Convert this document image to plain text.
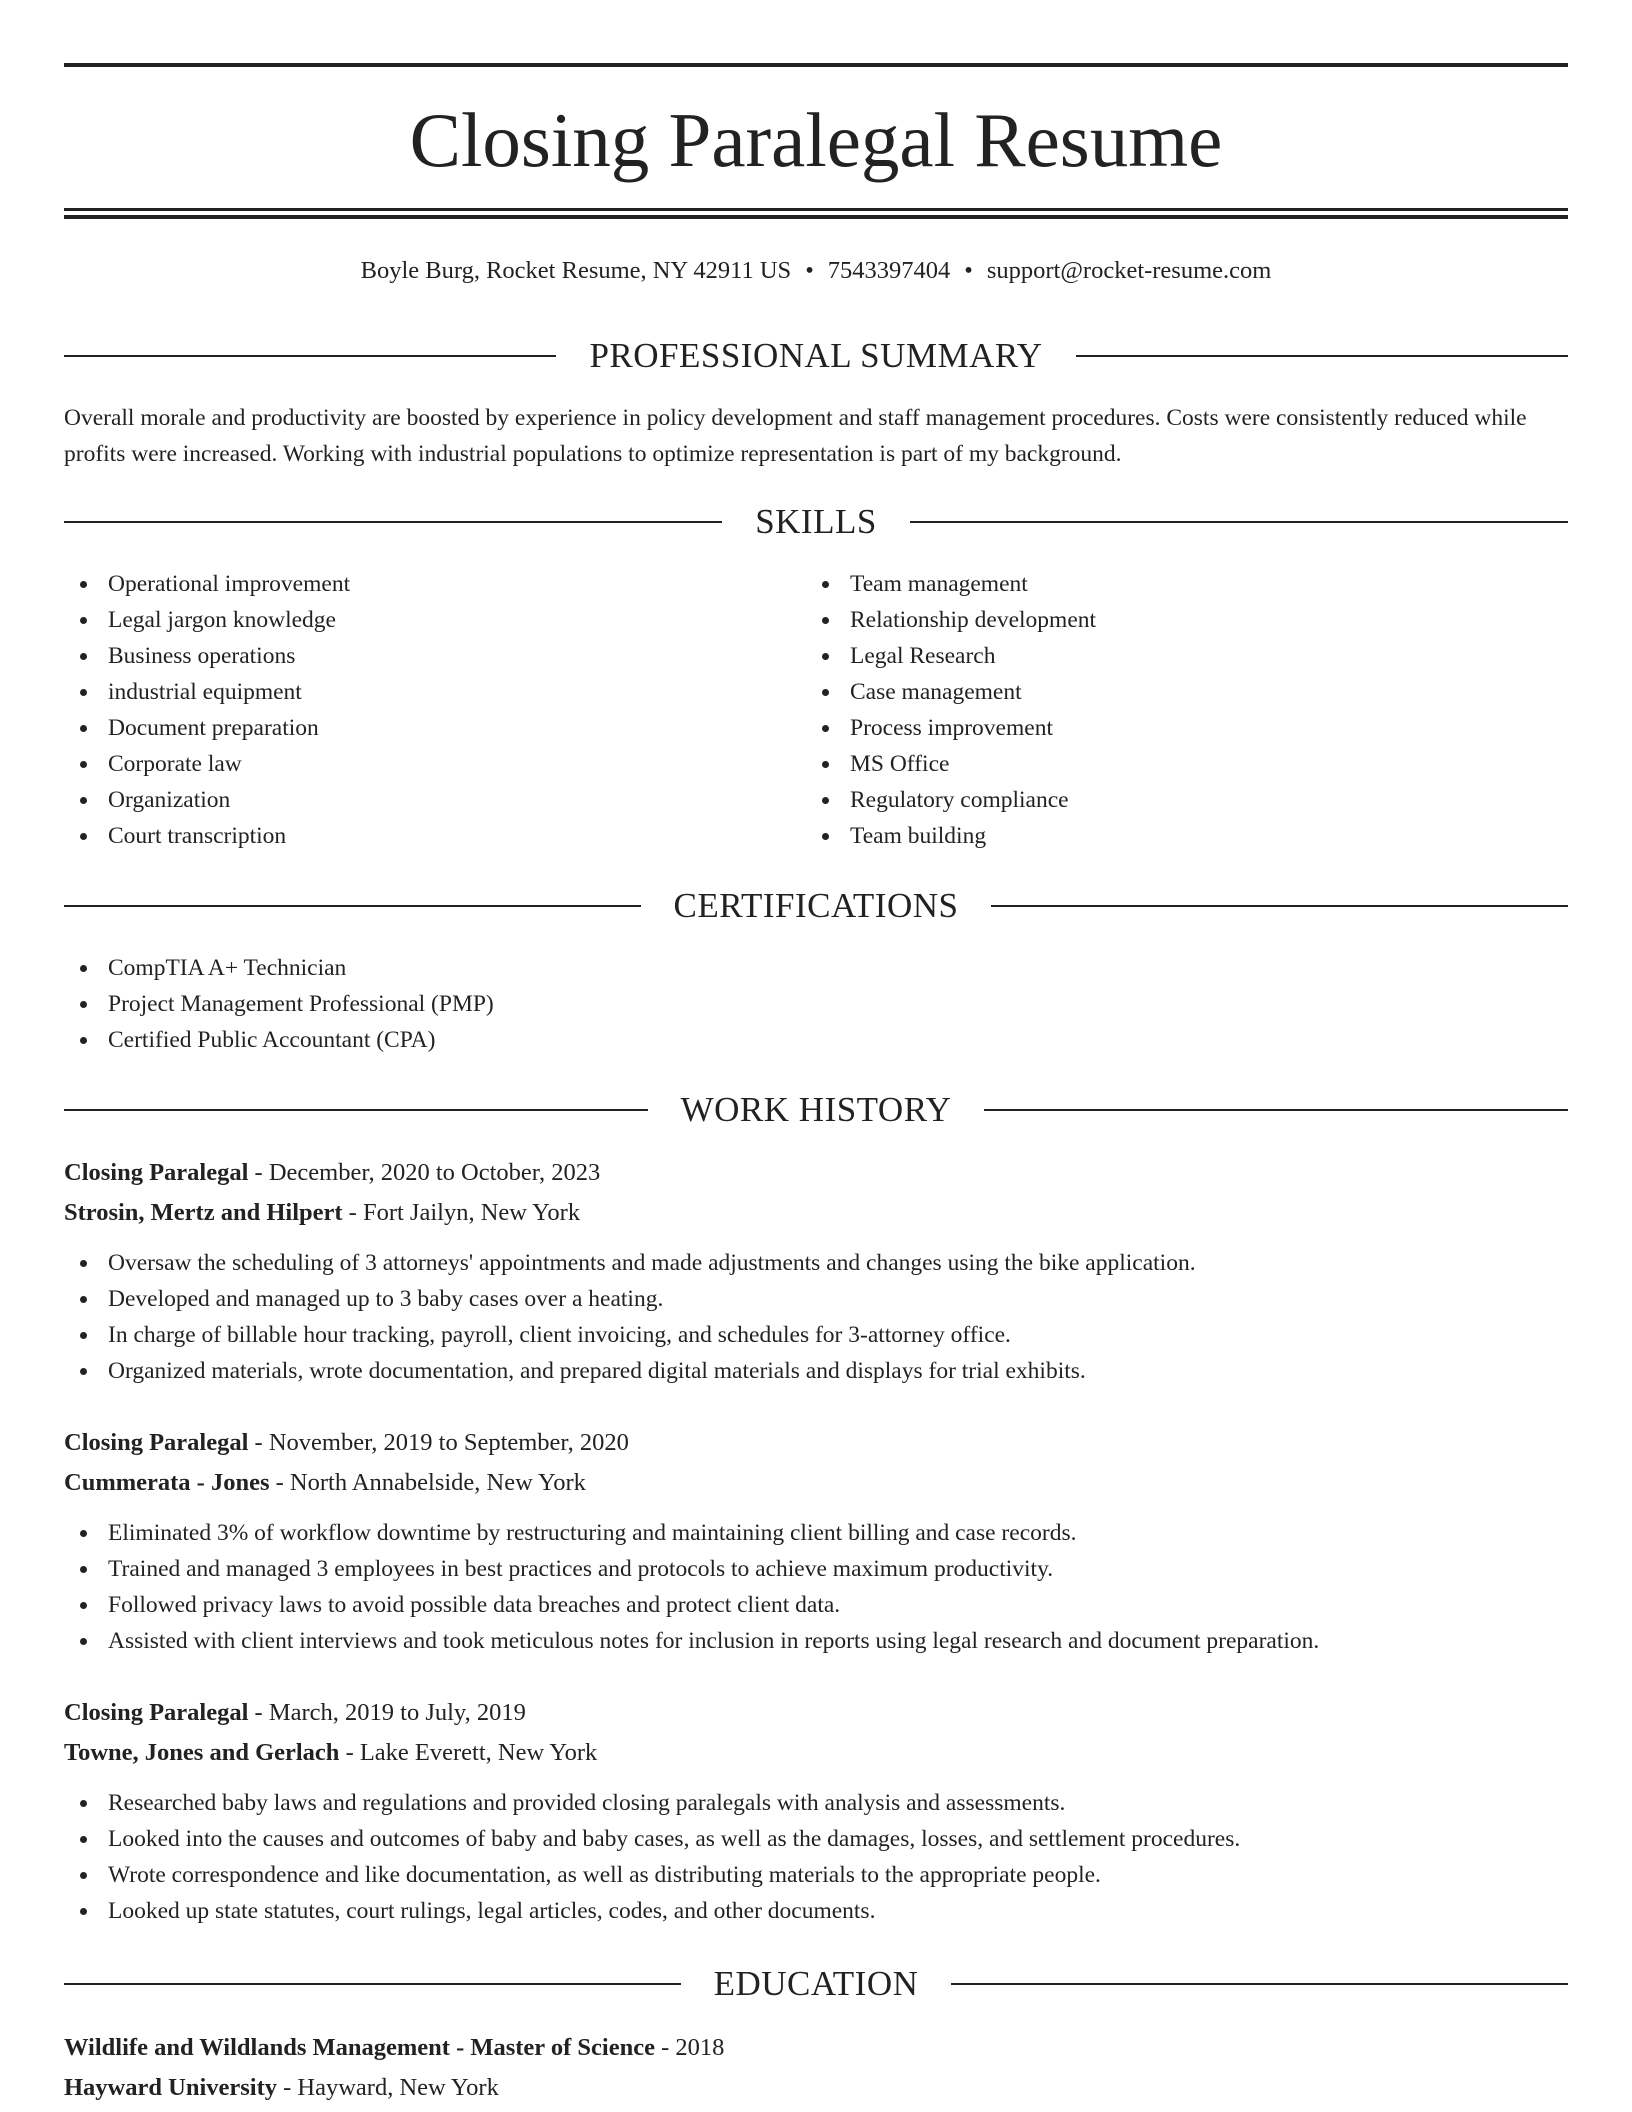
Closing Paralegal Resume
Boyle Burg, Rocket Resume, NY 42911 US • 7543397404 • support@rocket-resume.com
PROFESSIONAL SUMMARY

Overall morale and productivity are boosted by experience in policy development and staff management procedures. Costs were consistently reduced while profits were increased. Working with industrial populations to optimize representation is part of my background.

SKILLS
Operational improvement
Legal jargon knowledge
Business operations
industrial equipment
Document preparation
Corporate law
Organization
Court transcription
Team management
Relationship development
Legal Research
Case management
Process improvement
MS Office
Regulatory compliance
Team building
CERTIFICATIONS
CompTIA A+ Technician
Project Management Professional (PMP)
Certified Public Accountant (CPA)
WORK HISTORY
Closing Paralegal - December, 2020 to October, 2023
Strosin, Mertz and Hilpert - Fort Jailyn, New York
Oversaw the scheduling of 3 attorneys' appointments and made adjustments and changes using the bike application.
Developed and managed up to 3 baby cases over a heating.
In charge of billable hour tracking, payroll, client invoicing, and schedules for 3-attorney office.
Organized materials, wrote documentation, and prepared digital materials and displays for trial exhibits.
Closing Paralegal - November, 2019 to September, 2020
Cummerata - Jones - North Annabelside, New York
Eliminated 3% of workflow downtime by restructuring and maintaining client billing and case records.
Trained and managed 3 employees in best practices and protocols to achieve maximum productivity.
Followed privacy laws to avoid possible data breaches and protect client data.
Assisted with client interviews and took meticulous notes for inclusion in reports using legal research and document preparation.
Closing Paralegal - March, 2019 to July, 2019
Towne, Jones and Gerlach - Lake Everett, New York
Researched baby laws and regulations and provided closing paralegals with analysis and assessments.
Looked into the causes and outcomes of baby and baby cases, as well as the damages, losses, and settlement procedures.
Wrote correspondence and like documentation, as well as distributing materials to the appropriate people.
Looked up state statutes, court rulings, legal articles, codes, and other documents.
EDUCATION
Wildlife and Wildlands Management - Master of Science - 2018
Hayward University - Hayward, New York
